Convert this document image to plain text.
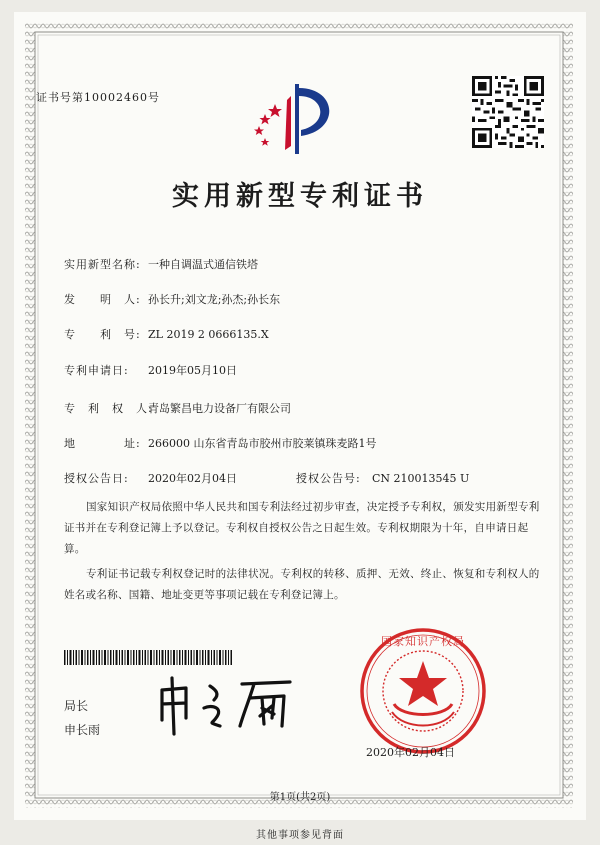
证书号第10002460号
实用新型专利证书
实用新型名称: 一种自调温式通信铁塔
发　　明　人: 孙长升;刘文龙;孙杰;孙长东
专　　利　号: ZL 2019 2 0666135.X
专利申请日: 2019年05月10日
专　利　权　人:青岛繁昌电力设备厂有限公司
地　　　　址: 266000 山东省青岛市胶州市胶莱镇珠麦路1号
授权公告日: 2020年02月04日	授权公告号: CN 210013545 U
国家知识产权局依照中华人民共和国专利法经过初步审查，决定授予专利权，颁发实用新型专利证书并在专利登记簿上予以登记。专利权自授权公告之日起生效。专利权期限为十年，自申请日起算。
专利证书记载专利权登记时的法律状况。专利权的转移、质押、无效、终止、恢复和专利权人的姓名或名称、国籍、地址变更等事项记载在专利登记簿上。
局长
申长雨
国家知识产权局
2020年02月04日
第1页(共2页)
其他事项参见背面
